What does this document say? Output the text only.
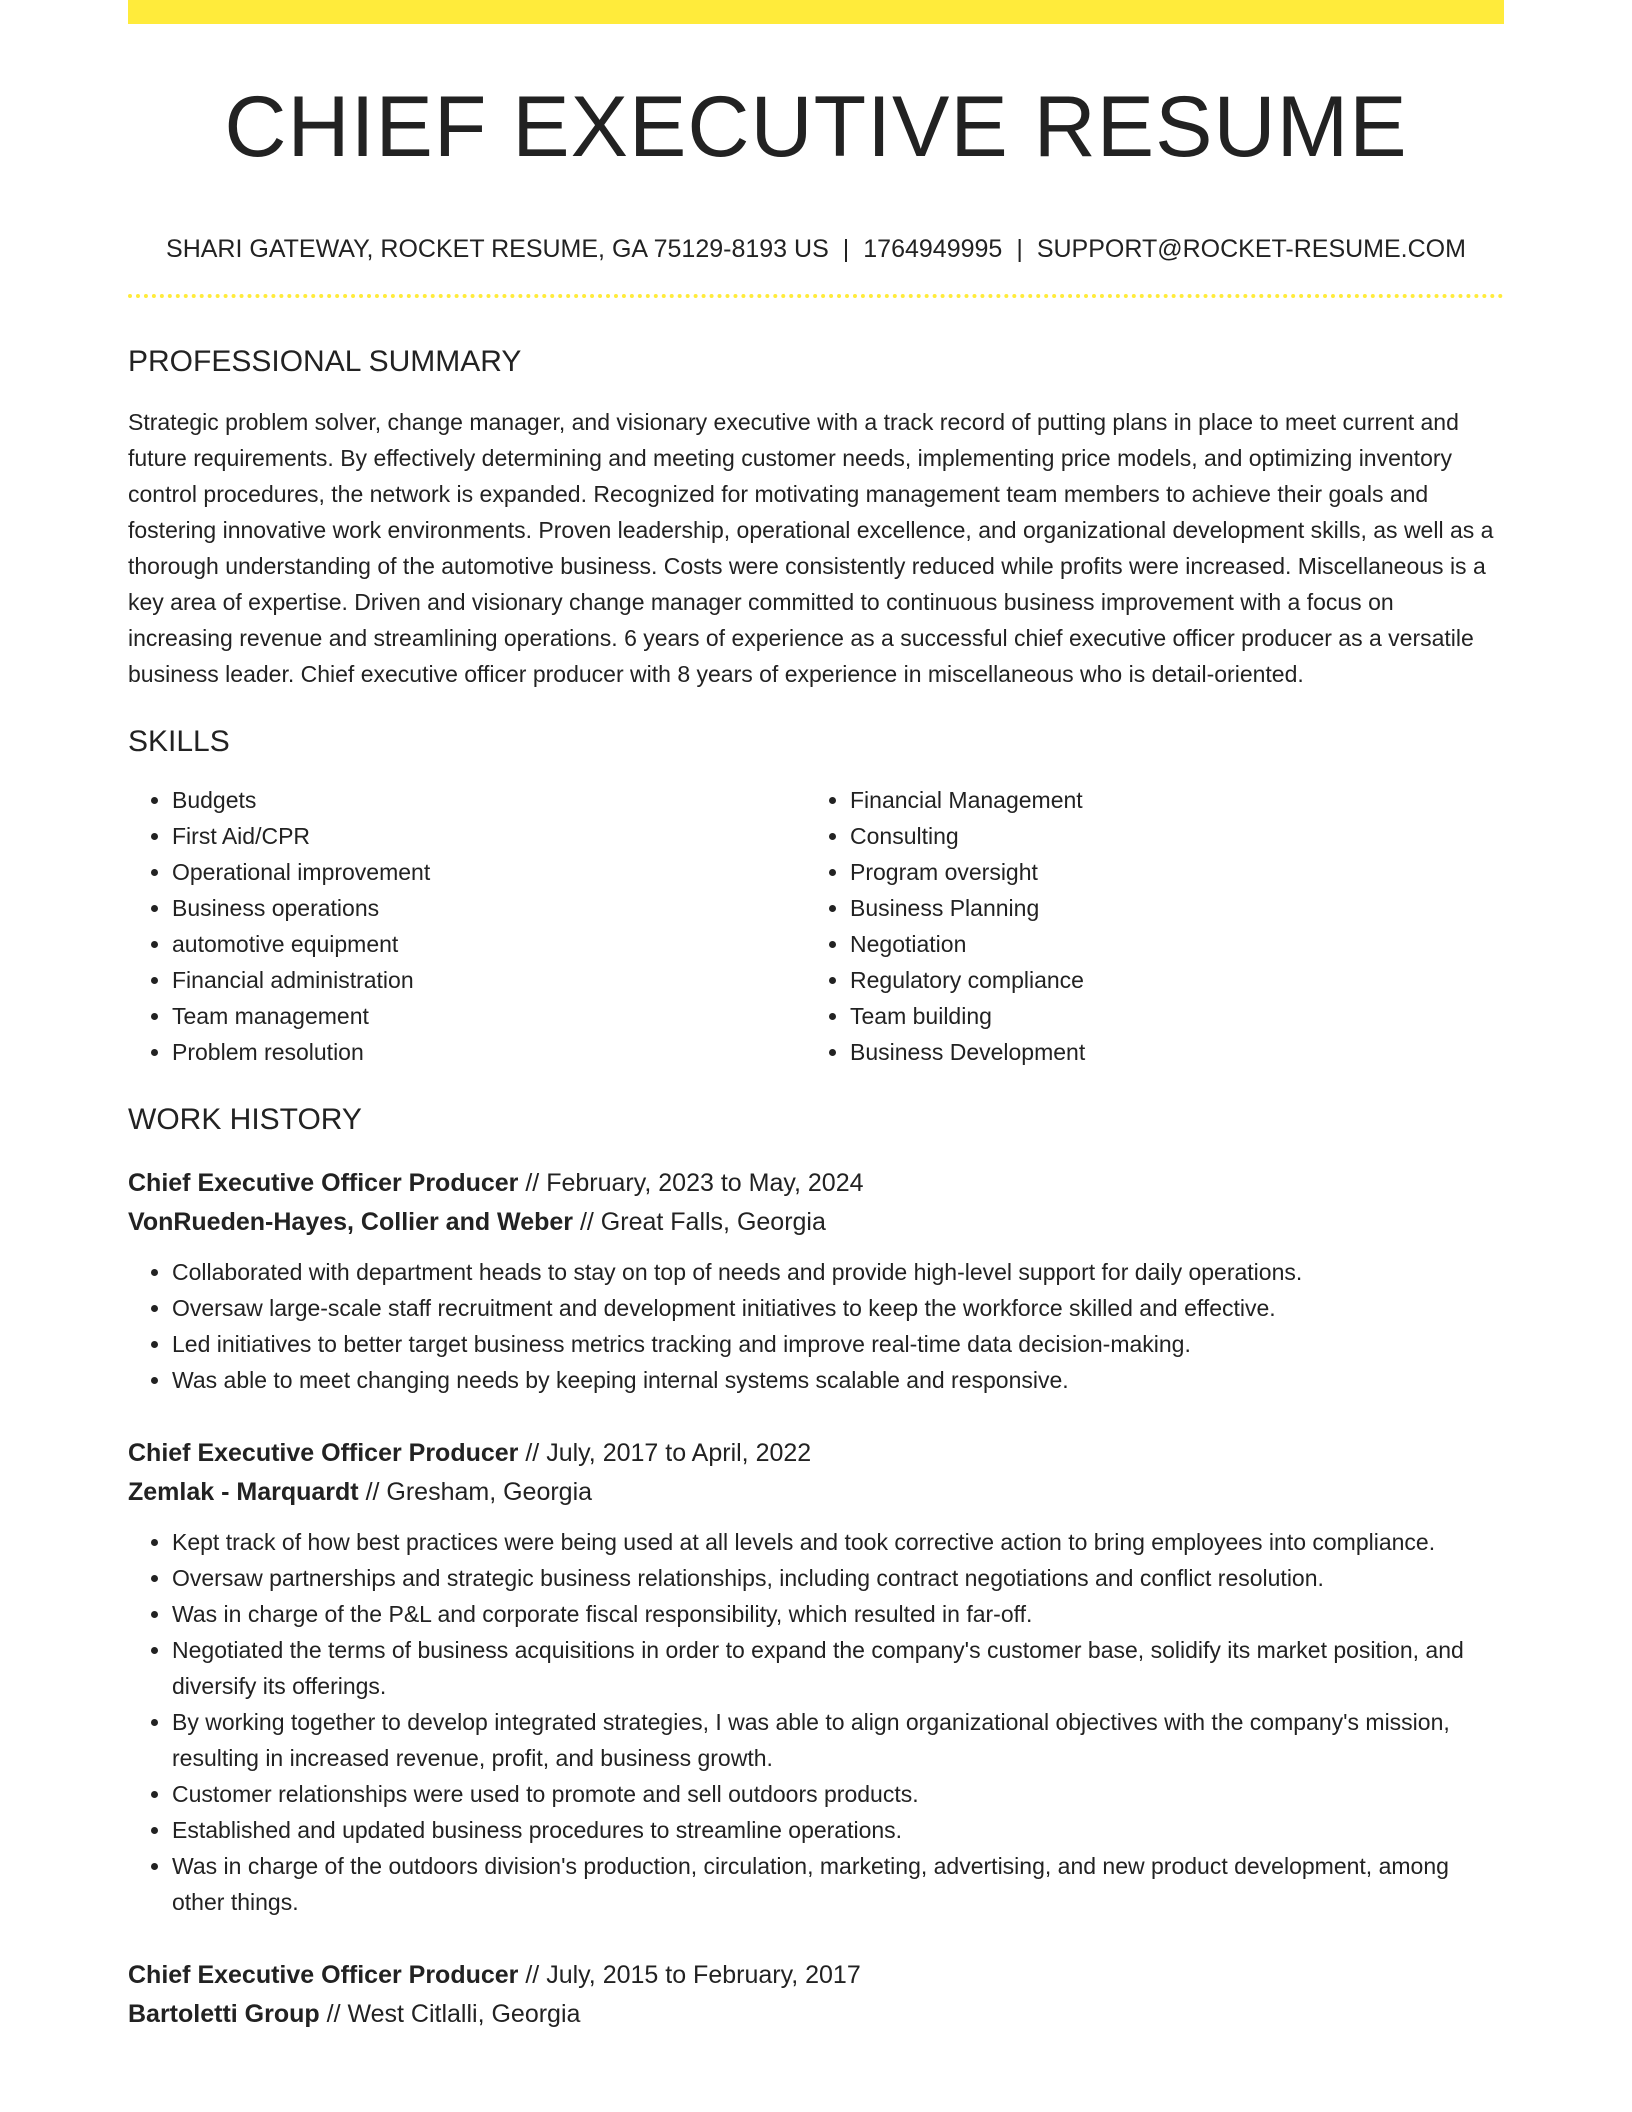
CHIEF EXECUTIVE RESUME
SHARI GATEWAY, ROCKET RESUME, GA 75129-8193 US | 1764949995 | SUPPORT@ROCKET-RESUME.COM
PROFESSIONAL SUMMARY

Strategic problem solver, change manager, and visionary executive with a track record of putting plans in place to meet current and future requirements. By effectively determining and meeting customer needs, implementing price models, and optimizing inventory control procedures, the network is expanded. Recognized for motivating management team members to achieve their goals and fostering innovative work environments. Proven leadership, operational excellence, and organizational development skills, as well as a thorough understanding of the automotive business. Costs were consistently reduced while profits were increased. Miscellaneous is a key area of expertise. Driven and visionary change manager committed to continuous business improvement with a focus on increasing revenue and streamlining operations. 6 years of experience as a successful chief executive officer producer as a versatile business leader. Chief executive officer producer with 8 years of experience in miscellaneous who is detail-oriented.

SKILLS
• Budgets
• First Aid/CPR
• Operational improvement
• Business operations
• automotive equipment
• Financial administration
• Team management
• Problem resolution
• Financial Management
• Consulting
• Program oversight
• Business Planning
• Negotiation
• Regulatory compliance
• Team building
• Business Development
WORK HISTORY
Chief Executive Officer Producer // February, 2023 to May, 2024
VonRueden-Hayes, Collier and Weber // Great Falls, Georgia
• Collaborated with department heads to stay on top of needs and provide high-level support for daily operations.
• Oversaw large-scale staff recruitment and development initiatives to keep the workforce skilled and effective.
• Led initiatives to better target business metrics tracking and improve real-time data decision-making.
• Was able to meet changing needs by keeping internal systems scalable and responsive.
Chief Executive Officer Producer // July, 2017 to April, 2022
Zemlak - Marquardt // Gresham, Georgia
• Kept track of how best practices were being used at all levels and took corrective action to bring employees into compliance.
• Oversaw partnerships and strategic business relationships, including contract negotiations and conflict resolution.
• Was in charge of the P&L and corporate fiscal responsibility, which resulted in far-off.
• Negotiated the terms of business acquisitions in order to expand the company's customer base, solidify its market position, and diversify its offerings.
• By working together to develop integrated strategies, I was able to align organizational objectives with the company's mission, resulting in increased revenue, profit, and business growth.
• Customer relationships were used to promote and sell outdoors products.
• Established and updated business procedures to streamline operations.
• Was in charge of the outdoors division's production, circulation, marketing, advertising, and new product development, among other things.
Chief Executive Officer Producer // July, 2015 to February, 2017
Bartoletti Group // West Citlalli, Georgia
